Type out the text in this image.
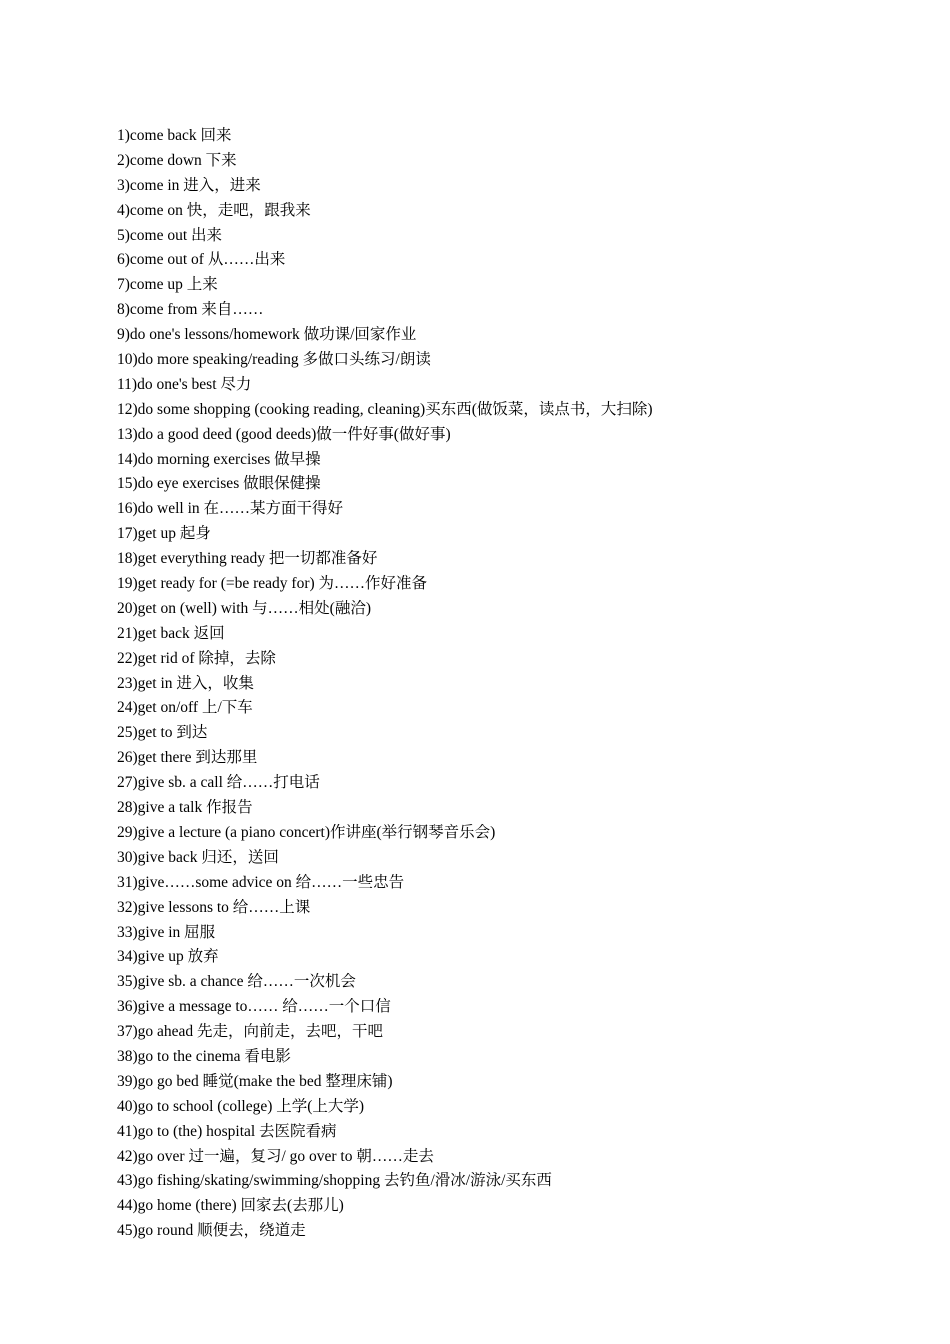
1)come back 回来
2)come down 下来
3)come in 进入，进来
4)come on 快，走吧，跟我来
5)come out 出来
6)come out of 从……出来
7)come up 上来
8)come from 来自……
9)do one's lessons/homework 做功课/回家作业
10)do more speaking/reading 多做口头练习/朗读
11)do one's best 尽力
12)do some shopping (cooking reading, cleaning)买东西(做饭菜，读点书，大扫除)
13)do a good deed (good deeds)做一件好事(做好事)
14)do morning exercises 做早操
15)do eye exercises 做眼保健操
16)do well in 在……某方面干得好
17)get up 起身
18)get everything ready 把一切都准备好
19)get ready for (=be ready for) 为……作好准备
20)get on (well) with 与……相处(融洽)
21)get back 返回
22)get rid of 除掉，去除
23)get in 进入，收集
24)get on/off 上/下车
25)get to 到达
26)get there 到达那里
27)give sb. a call 给……打电话
28)give a talk 作报告
29)give a lecture (a piano concert)作讲座(举行钢琴音乐会)
30)give back 归还，送回
31)give……some advice on 给……一些忠告
32)give lessons to 给……上课
33)give in 屈服
34)give up 放弃
35)give sb. a chance 给……一次机会
36)give a message to…… 给……一个口信
37)go ahead 先走，向前走，去吧，干吧
38)go to the cinema 看电影
39)go go bed 睡觉(make the bed 整理床铺)
40)go to school (college) 上学(上大学)
41)go to (the) hospital 去医院看病
42)go over 过一遍，复习/ go over to 朝……走去
43)go fishing/skating/swimming/shopping 去钓鱼/滑冰/游泳/买东西
44)go home (there) 回家去(去那儿)
45)go round 顺便去，绕道走
